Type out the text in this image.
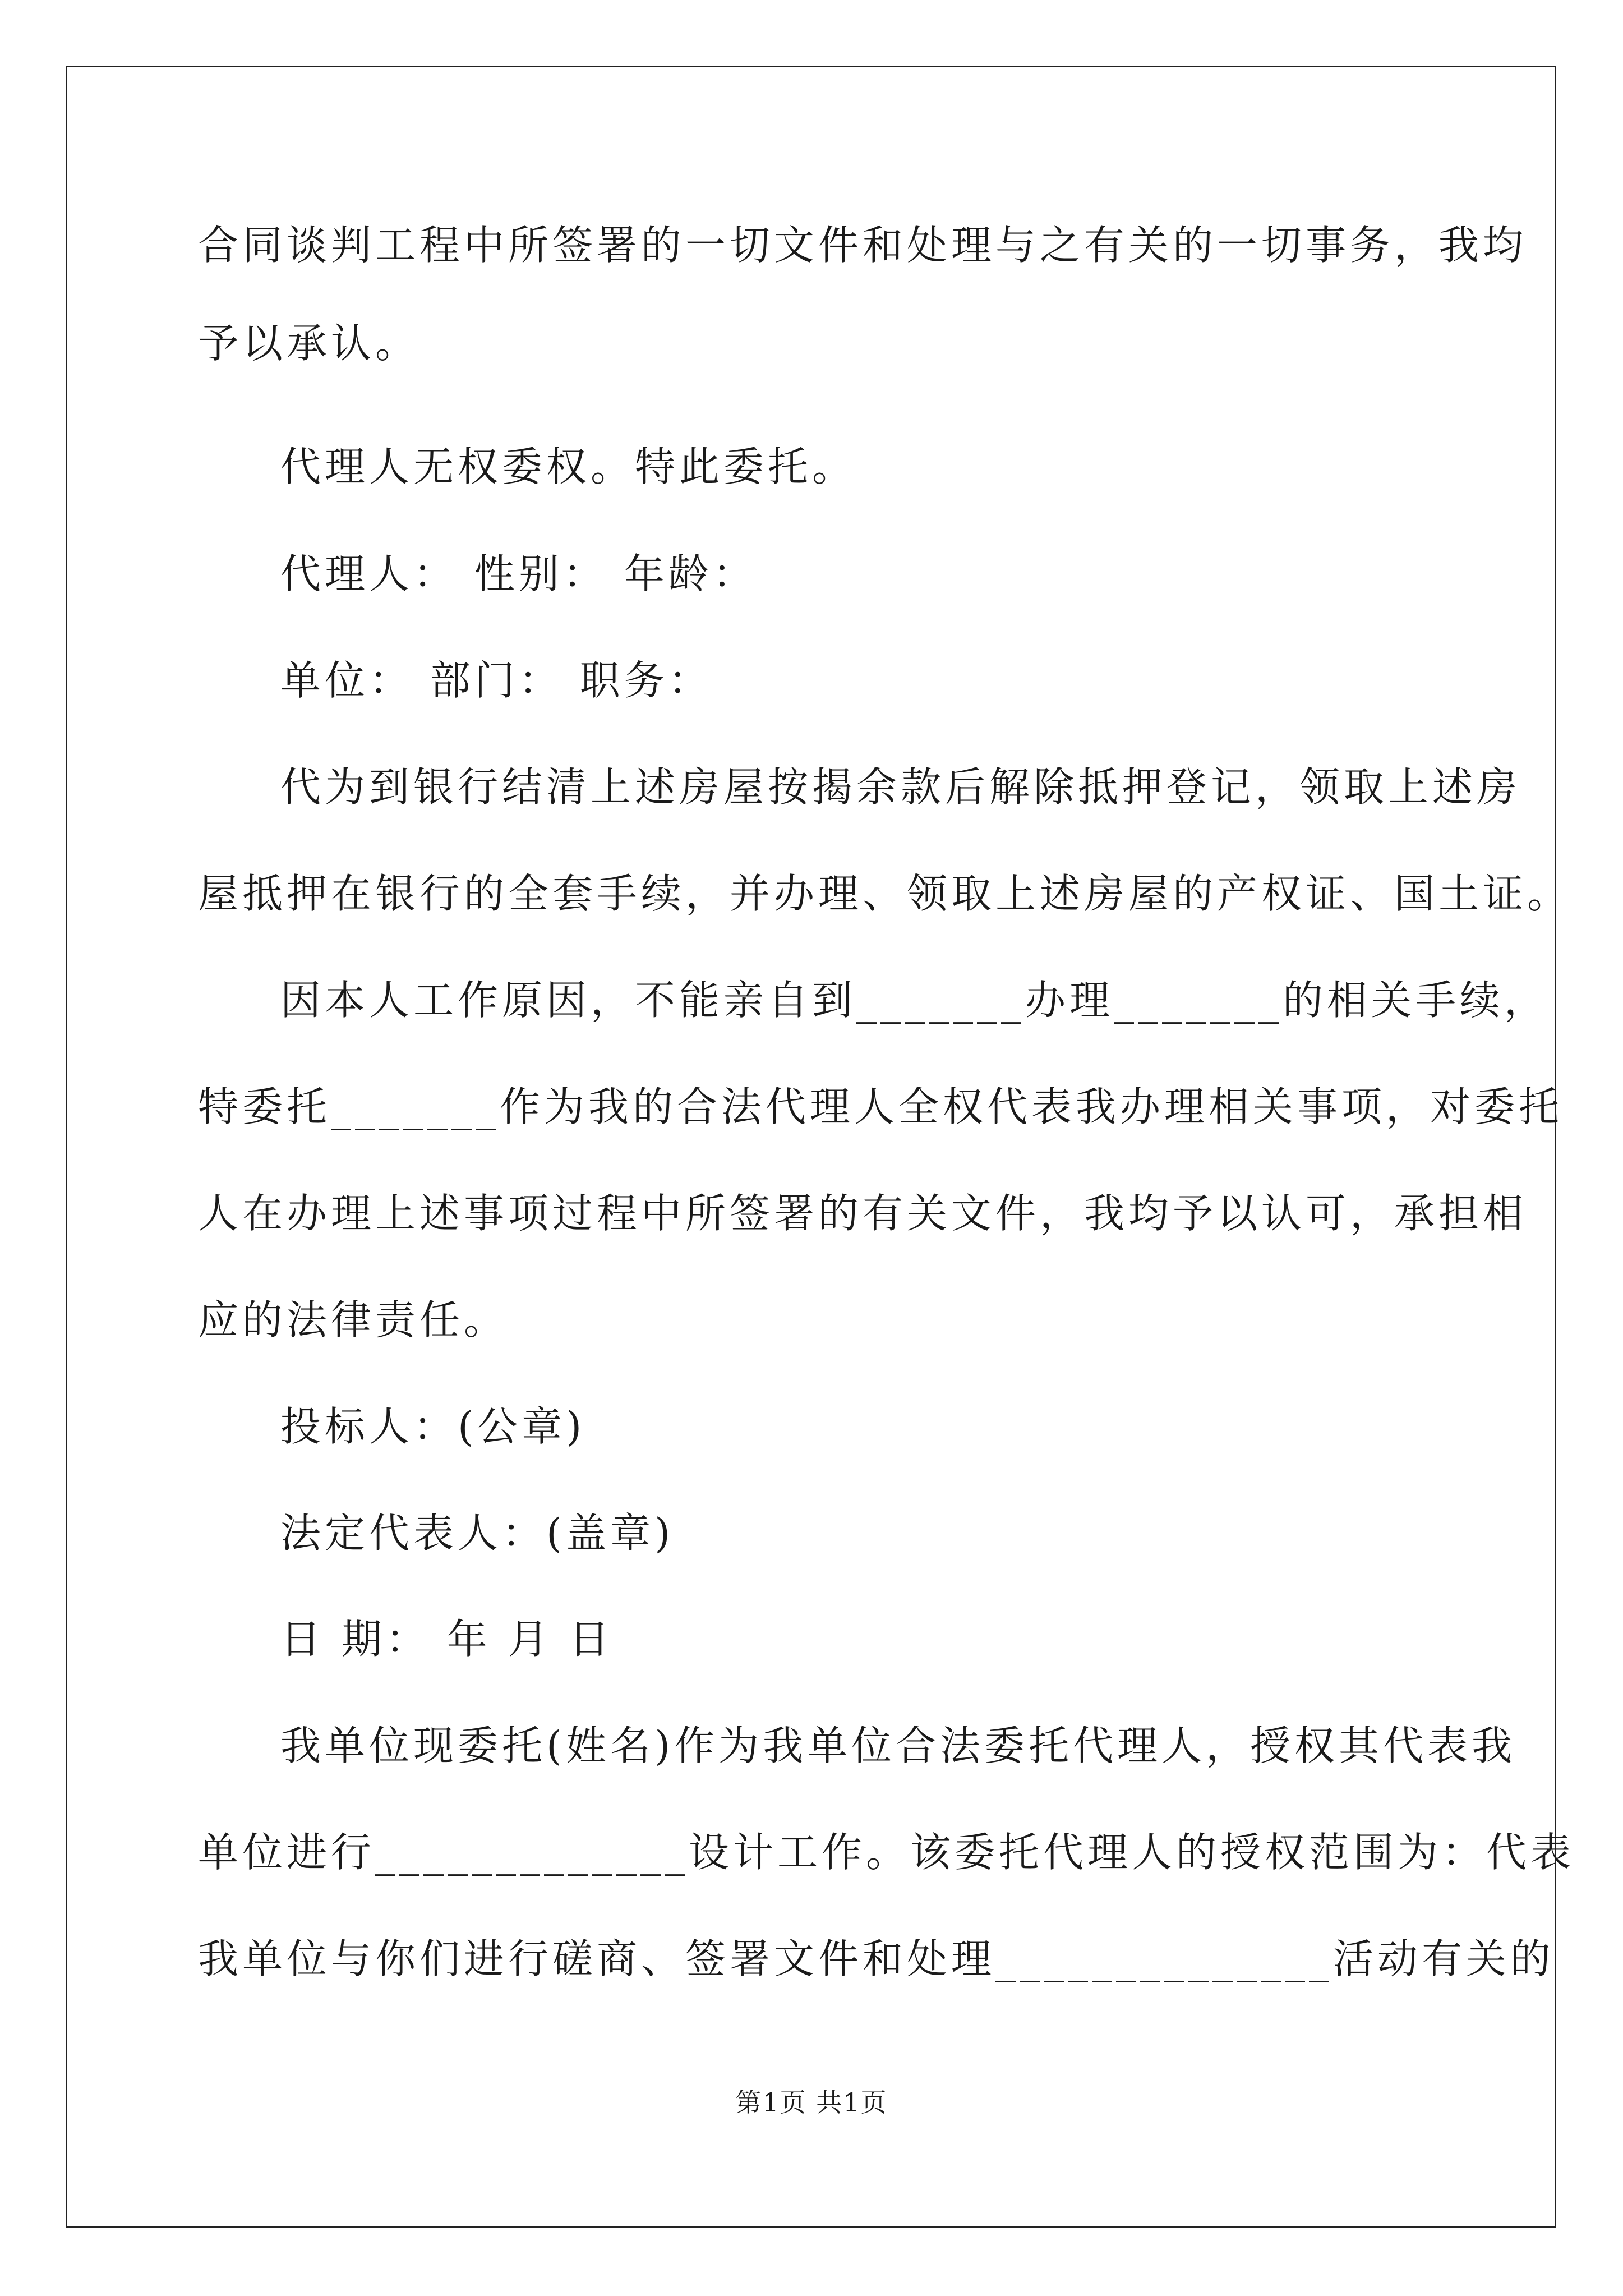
合同谈判工程中所签署的一切文件和处理与之有关的一切事务，我均
予以承认。
代理人无权委权。特此委托。
代理人： 性别： 年龄：
单位： 部门： 职务：
代为到银行结清上述房屋按揭余款后解除抵押登记，领取上述房
屋抵押在银行的全套手续，并办理、领取上述房屋的产权证、国土证。
因本人工作原因，不能亲自到_______办理_______的相关手续，
特委托_______作为我的合法代理人全权代表我办理相关事项，对委托
人在办理上述事项过程中所签署的有关文件，我均予以认可，承担相
应的法律责任。
投标人：(公章)
法定代表人：(盖章)
日 期： 年 月 日
我单位现委托(姓名)作为我单位合法委托代理人，授权其代表我
单位进行_____________设计工作。该委托代理人的授权范围为：代表
我单位与你们进行磋商、签署文件和处理______________活动有关的
第1页 共1页
